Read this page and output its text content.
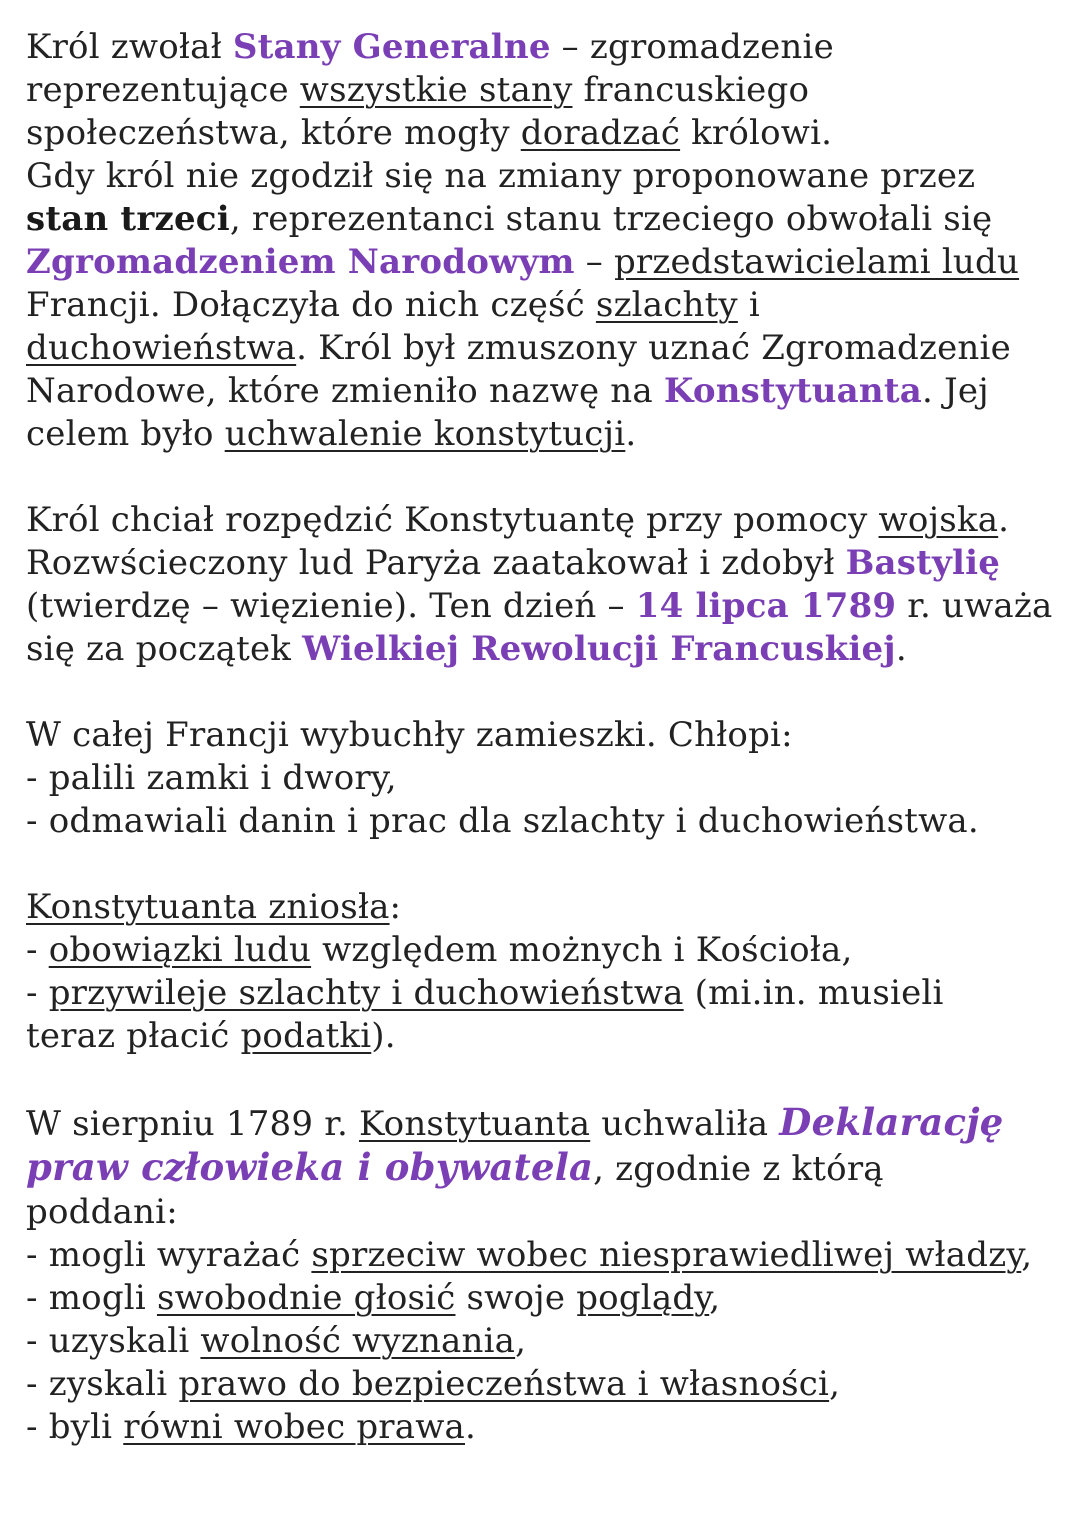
Król zwołał Stany Generalne – zgromadzenie

reprezentujące wszystkie stany francuskiego

społeczeństwa, które mogły doradzać królowi.

Gdy król nie zgodził się na zmiany proponowane przez

stan trzeci, reprezentanci stanu trzeciego obwołali się

Zgromadzeniem Narodowym – przedstawicielami ludu

Francji. Dołączyła do nich część szlachty i

duchowieństwa. Król był zmuszony uznać Zgromadzenie

Narodowe, które zmieniło nazwę na Konstytuanta. Jej

celem było uchwalenie konstytucji.

Król chciał rozpędzić Konstytuantę przy pomocy wojska.

Rozwścieczony lud Paryża zaatakował i zdobył Bastylię

(twierdzę – więzienie). Ten dzień – 14 lipca 1789 r. uważa

się za początek Wielkiej Rewolucji Francuskiej.

W całej Francji wybuchły zamieszki. Chłopi:

- palili zamki i dwory,

- odmawiali danin i prac dla szlachty i duchowieństwa.

Konstytuanta zniosła:

- obowiązki ludu względem możnych i Kościoła,

- przywileje szlachty i duchowieństwa (mi.in. musieli

teraz płacić podatki).

W sierpniu 1789 r. Konstytuanta uchwaliła Deklarację

praw człowieka i obywatela, zgodnie z którą

poddani:

- mogli wyrażać sprzeciw wobec niesprawiedliwej władzy,

- mogli swobodnie głosić swoje poglądy,

- uzyskali wolność wyznania,

- zyskali prawo do bezpieczeństwa i własności,

- byli równi wobec prawa.
